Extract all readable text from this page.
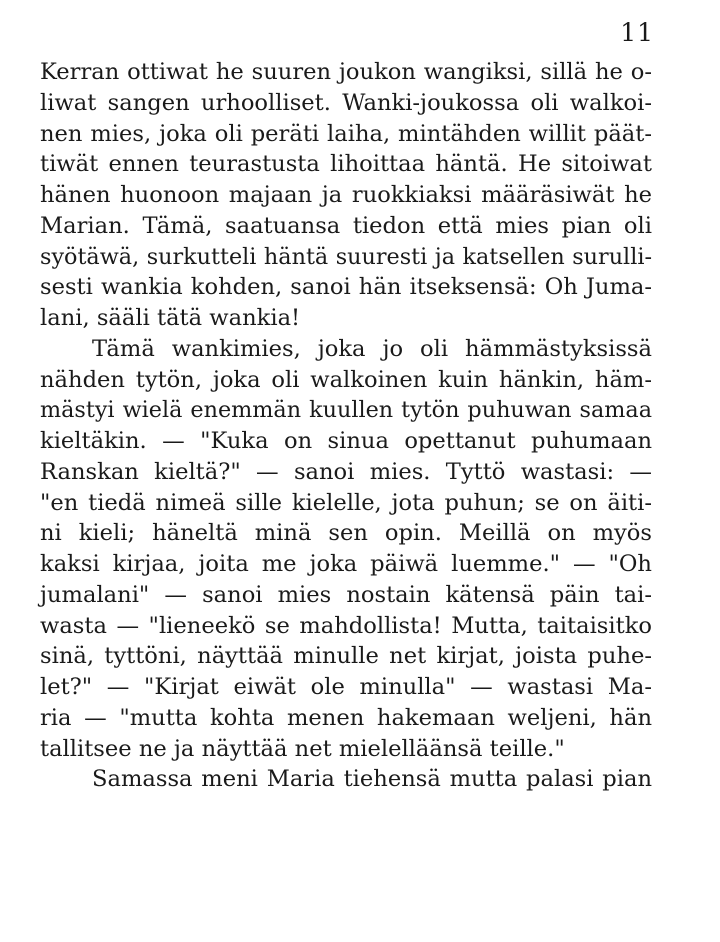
11
Kerran ottiwat he suuren joukon wangiksi, sillä he o-
liwat sangen urhoolliset. Wanki-joukossa oli walkoi-
nen mies, joka oli peräti laiha, mintähden willit päät-
tiwät ennen teurastusta lihoittaa häntä. He sitoiwat
hänen huonoon majaan ja ruokkiaksi määräsiwät he
Marian. Tämä, saatuansa tiedon että mies pian oli
syötäwä, surkutteli häntä suuresti ja katsellen surulli-
sesti wankia kohden, sanoi hän itseksensä: Oh Juma-
lani, sääli tätä wankia!
Tämä wankimies, joka jo oli hämmästyksissä
nähden tytön, joka oli walkoinen kuin hänkin, häm-
mästyi wielä enemmän kuullen tytön puhuwan samaa
kieltäkin. — "Kuka on sinua opettanut puhumaan
Ranskan kieltä?" — sanoi mies. Tyttö wastasi: —
"en tiedä nimeä sille kielelle, jota puhun; se on äiti-
ni kieli; häneltä minä sen opin. Meillä on myös
kaksi kirjaa, joita me joka päiwä luemme." — "Oh
jumalani" — sanoi mies nostain kätensä päin tai-
wasta — "lieneekö se mahdollista! Mutta, taitaisitko
sinä, tyttöni, näyttää minulle net kirjat, joista puhe-
let?" — "Kirjat eiwät ole minulla" — wastasi Ma-
ria — "mutta kohta menen hakemaan weljeni, hän
tallitsee ne ja näyttää net mielelläänsä teille."
Samassa meni Maria tiehensä mutta palasi pian
